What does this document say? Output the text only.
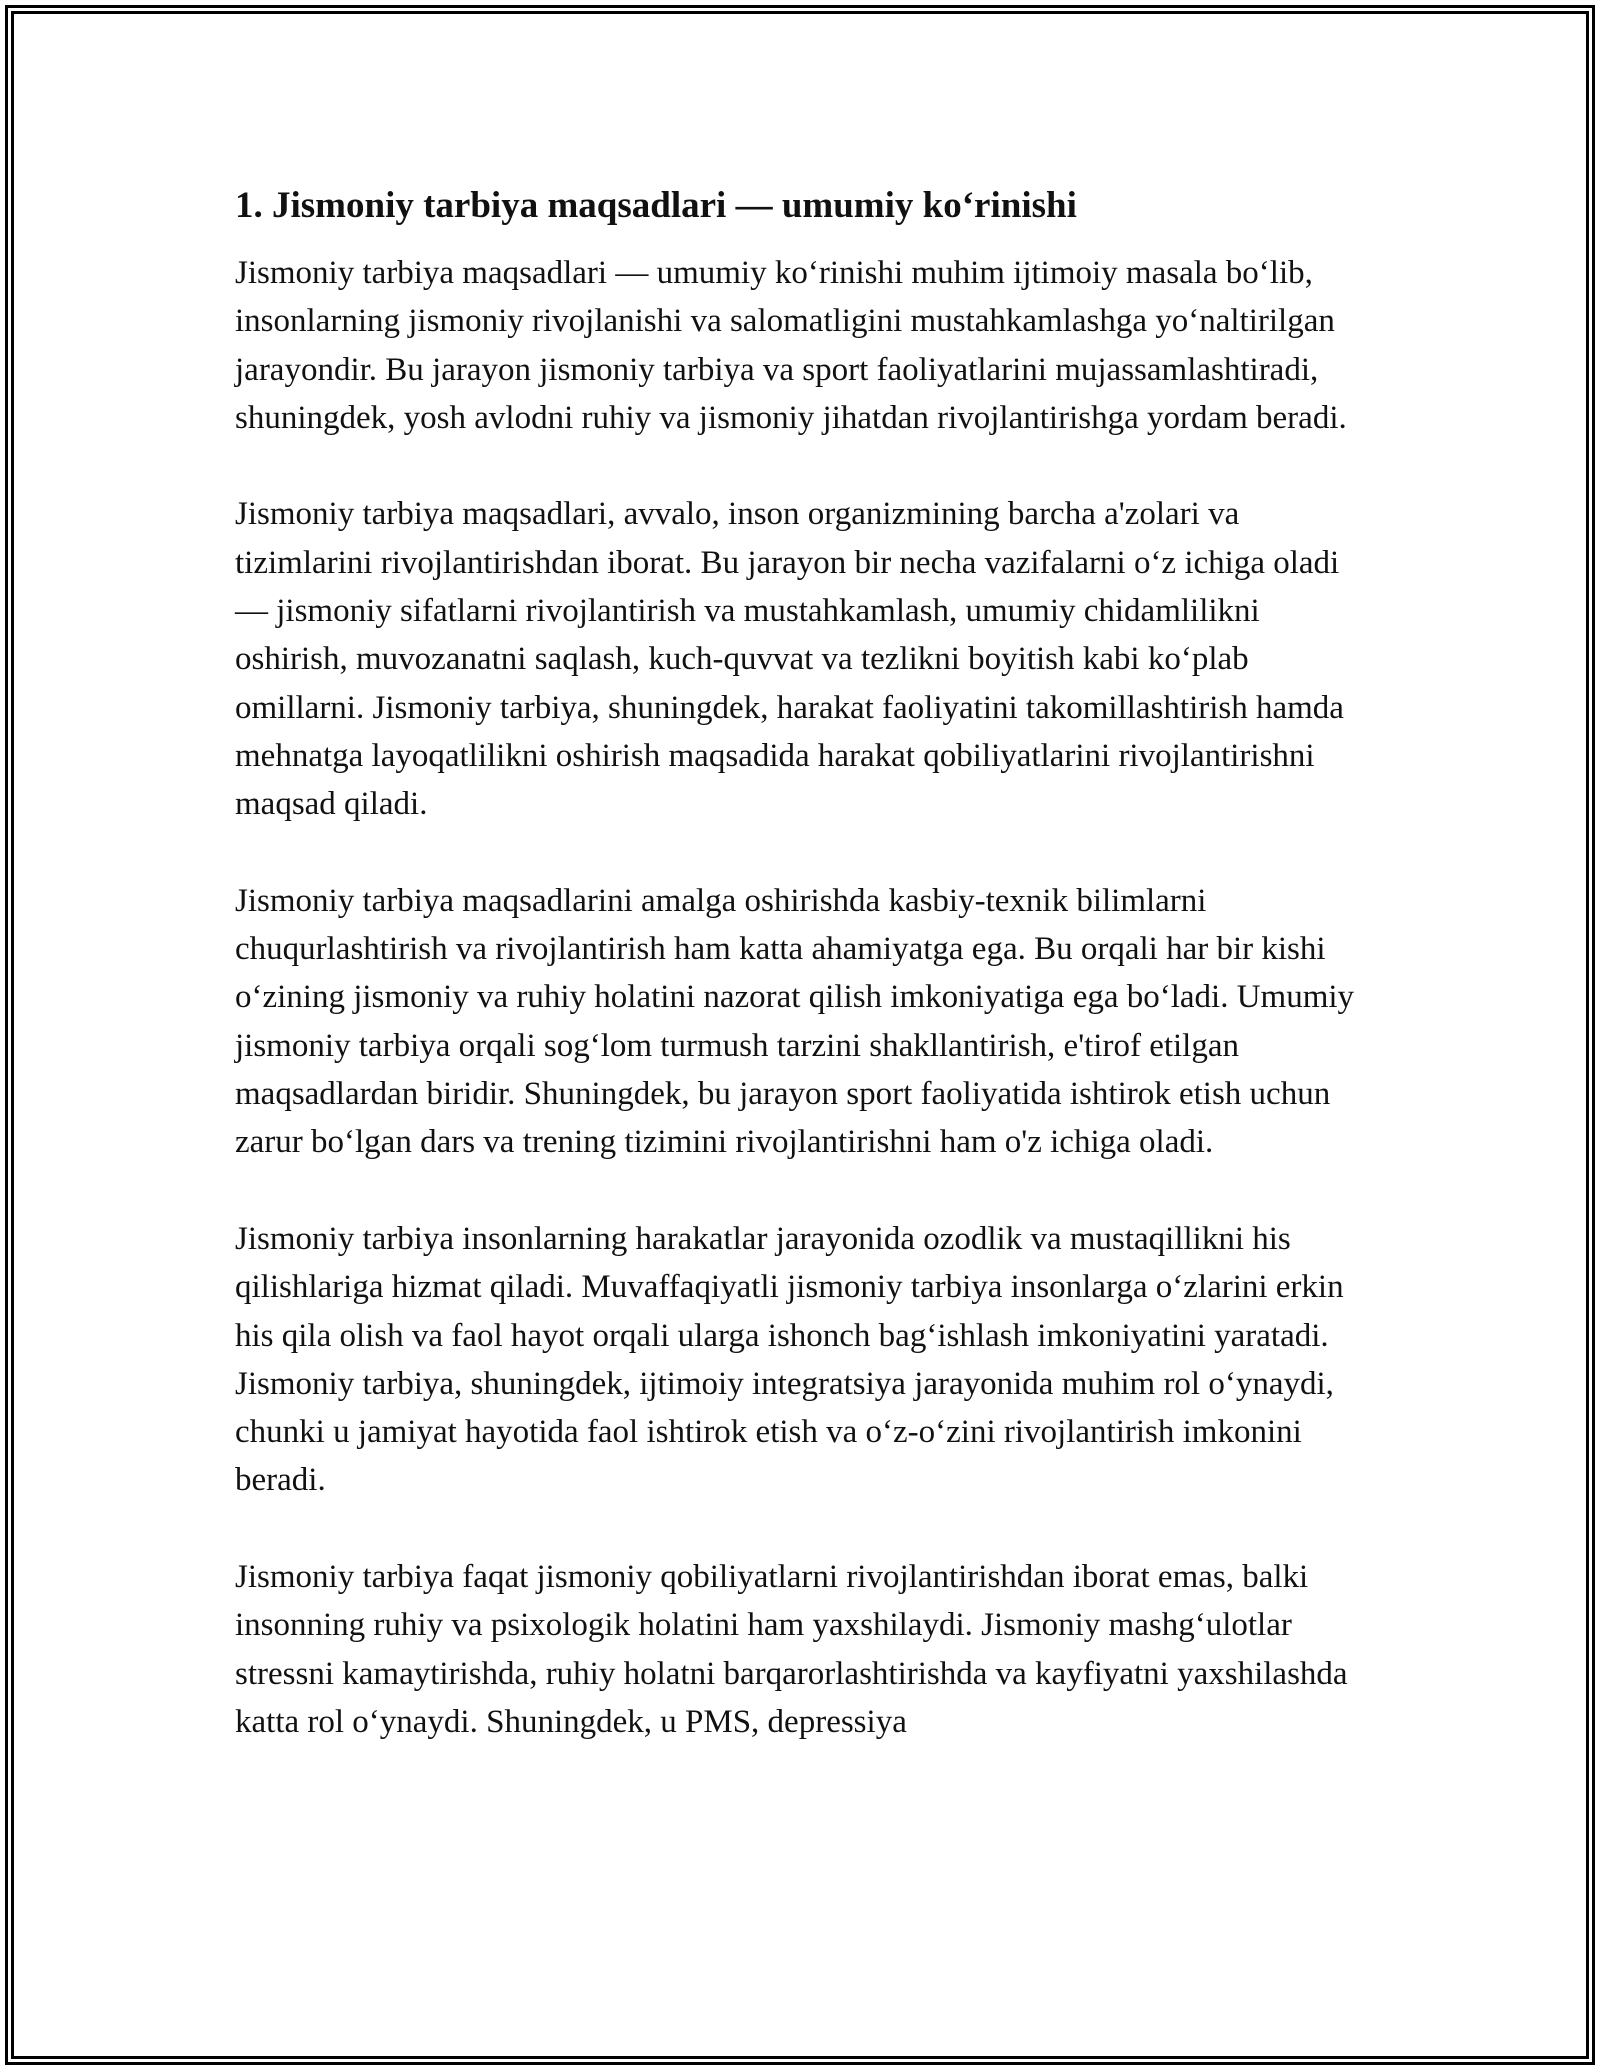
1. Jismoniy tarbiya maqsadlari — umumiy koʻrinishi

Jismoniy tarbiya maqsadlari — umumiy koʻrinishi muhim ijtimoiy masala boʻlib, insonlarning jismoniy rivojlanishi va salomatligini mustahkamlashga yoʻnaltirilgan jarayondir. Bu jarayon jismoniy tarbiya va sport faoliyatlarini mujassamlashtiradi, shuningdek, yosh avlodni ruhiy va jismoniy jihatdan rivojlantirishga yordam beradi.

Jismoniy tarbiya maqsadlari, avvalo, inson organizmining barcha a'zolari va tizimlarini rivojlantirishdan iborat. Bu jarayon bir necha vazifalarni oʻz ichiga oladi — jismoniy sifatlarni rivojlantirish va mustahkamlash, umumiy chidamlilikni oshirish, muvozanatni saqlash, kuch-quvvat va tezlikni boyitish kabi koʻplab omillarni. Jismoniy tarbiya, shuningdek, harakat faoliyatini takomillashtirish hamda mehnatga layoqatlilikni oshirish maqsadida harakat qobiliyatlarini rivojlantirishni maqsad qiladi.

Jismoniy tarbiya maqsadlarini amalga oshirishda kasbiy-texnik bilimlarni chuqurlashtirish va rivojlantirish ham katta ahamiyatga ega. Bu orqali har bir kishi oʻzining jismoniy va ruhiy holatini nazorat qilish imkoniyatiga ega boʻladi. Umumiy jismoniy tarbiya orqali sogʻlom turmush tarzini shakllantirish, e'tirof etilgan maqsadlardan biridir. Shuningdek, bu jarayon sport faoliyatida ishtirok etish uchun zarur boʻlgan dars va trening tizimini rivojlantirishni ham o'z ichiga oladi.

Jismoniy tarbiya insonlarning harakatlar jarayonida ozodlik va mustaqillikni his qilishlariga hizmat qiladi. Muvaffaqiyatli jismoniy tarbiya insonlarga oʻzlarini erkin his qila olish va faol hayot orqali ularga ishonch bagʻishlash imkoniyatini yaratadi. Jismoniy tarbiya, shuningdek, ijtimoiy integratsiya jarayonida muhim rol oʻynaydi, chunki u jamiyat hayotida faol ishtirok etish va oʻz-oʻzini rivojlantirish imkonini beradi.

Jismoniy tarbiya faqat jismoniy qobiliyatlarni rivojlantirishdan iborat emas, balki insonning ruhiy va psixologik holatini ham yaxshilaydi. Jismoniy mashgʻulotlar stressni kamaytirishda, ruhiy holatni barqarorlashtirishda va kayfiyatni yaxshilashda katta rol oʻynaydi. Shuningdek, u PMS, depressiya
